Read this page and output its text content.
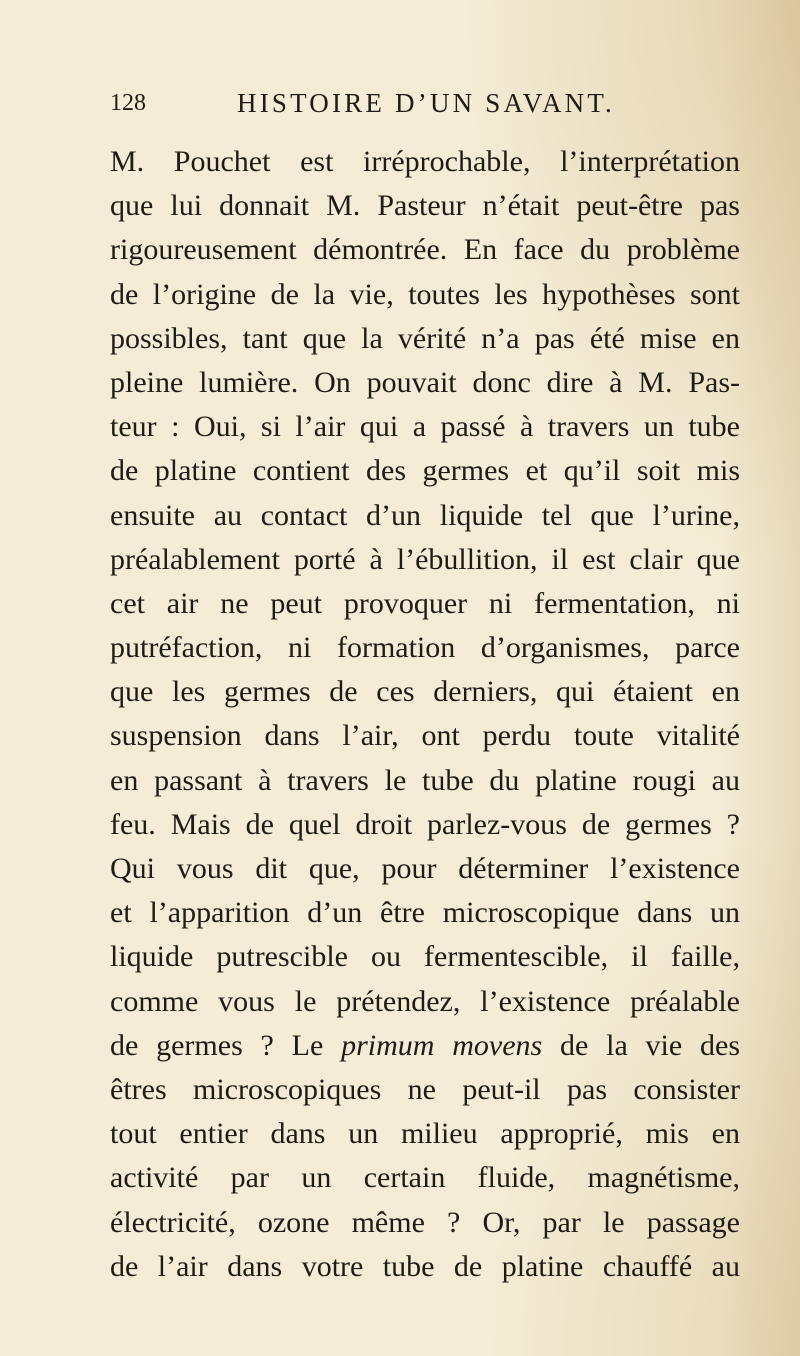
128	HISTOIRE D’UN SAVANT.
M. Pouchet est irréprochable, l’interprétation
que lui donnait M. Pasteur n’était peut-être pas
rigoureusement démontrée. En face du problème
de l’origine de la vie, toutes les hypothèses sont
possibles, tant que la vérité n’a pas été mise en
pleine lumière. On pouvait donc dire à M. Pas-
teur : Oui, si l’air qui a passé à travers un tube
de platine contient des germes et qu’il soit mis
ensuite au contact d’un liquide tel que l’urine,
préalablement porté à l’ébullition, il est clair que
cet air ne peut provoquer ni fermentation, ni
putréfaction, ni formation d’organismes, parce
que les germes de ces derniers, qui étaient en
suspension dans l’air, ont perdu toute vitalité
en passant à travers le tube du platine rougi au
feu. Mais de quel droit parlez-vous de germes ?
Qui vous dit que, pour déterminer l’existence
et l’apparition d’un être microscopique dans un
liquide putrescible ou fermentescible, il faille,
comme vous le prétendez, l’existence préalable
de germes ? Le primum movens de la vie des
êtres microscopiques ne peut-il pas consister
tout entier dans un milieu approprié, mis en
activité par un certain fluide, magnétisme,
électricité, ozone même ? Or, par le passage
de l’air dans votre tube de platine chauffé au
